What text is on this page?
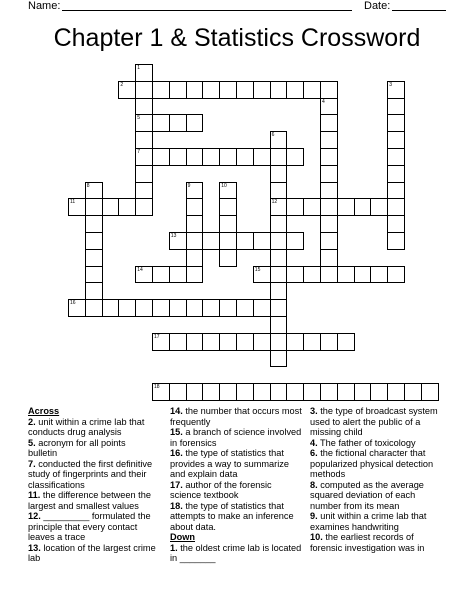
Name:	Date:
Chapter 1 & Statistics Crossword
2
5
7
11	12
13
14	15
16
17
18
1
3
4
6
8	9	10

Across

2. unit within a crime lab that conducts drug analysis

5. acronym for all points bulletin

7. conducted the first definitive study of fingerprints and their classifications

11. the difference between the largest and smallest values

12. _________ formulated the principle that every contact leaves a trace

13. location of the largest crime lab

14. the number that occurs most frequently

15. a branch of science involved in forensics

16. the type of statistics that provides a way to summarize and explain data

17. author of the forensic science textbook

18. the type of statistics that attempts to make an inference about data.

Down

1. the oldest crime lab is located in _______

3. the type of broadcast system used to alert the public of a missing child

4. The father of toxicology

6. the fictional character that popularized physical detection methods

8. computed as the average squared deviation of each number from its mean

9. unit within a crime lab that examines handwriting

10. the earliest records of forensic investigation was in
